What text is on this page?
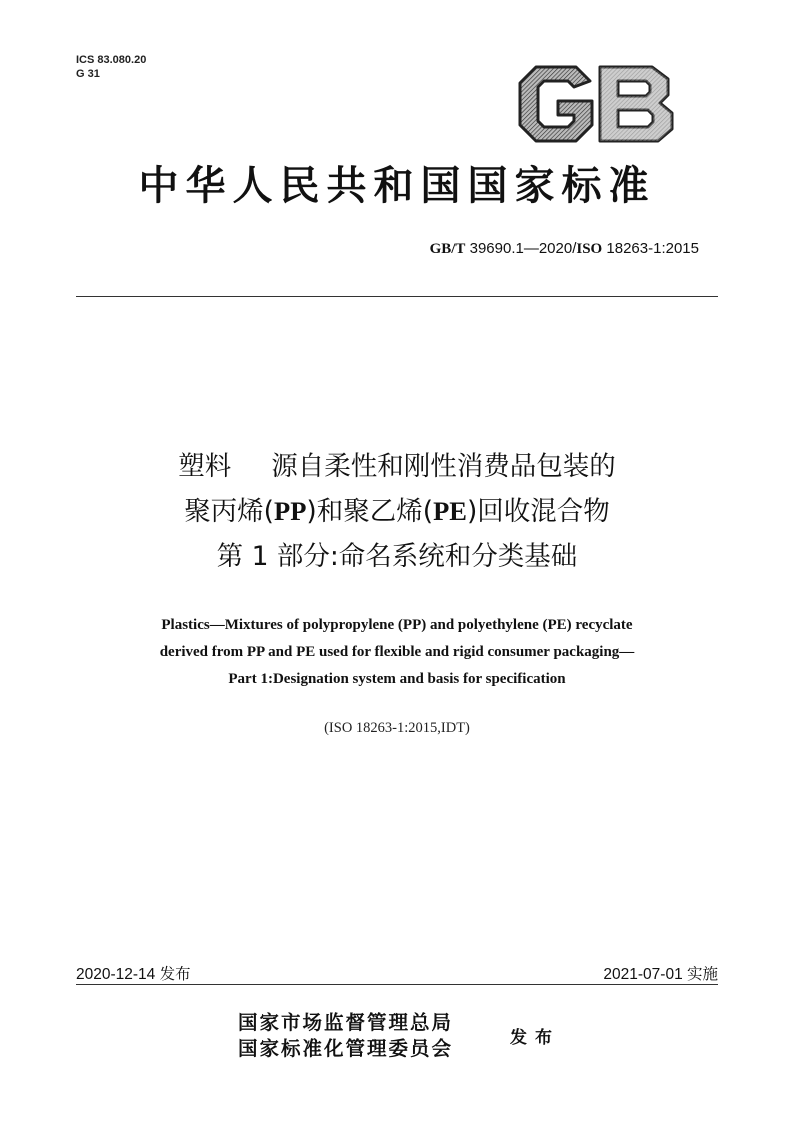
ICS 83.080.20
G 31
中华人民共和国国家标准
GB/T 39690.1—2020/ISO 18263-1:2015
塑料 源自柔性和刚性消费品包装的
聚丙烯(PP)和聚乙烯(PE)回收混合物
第 1 部分:命名系统和分类基础
Plastics—Mixtures of polypropylene (PP) and polyethylene (PE) recyclate
derived from PP and PE used for flexible and rigid consumer packaging—
Part 1:Designation system and basis for specification
(ISO 18263-1:2015,IDT)
2020-12-14 发布	2021-07-01 实施
国家市场监督管理总局
国家标准化管理委员会	发布
